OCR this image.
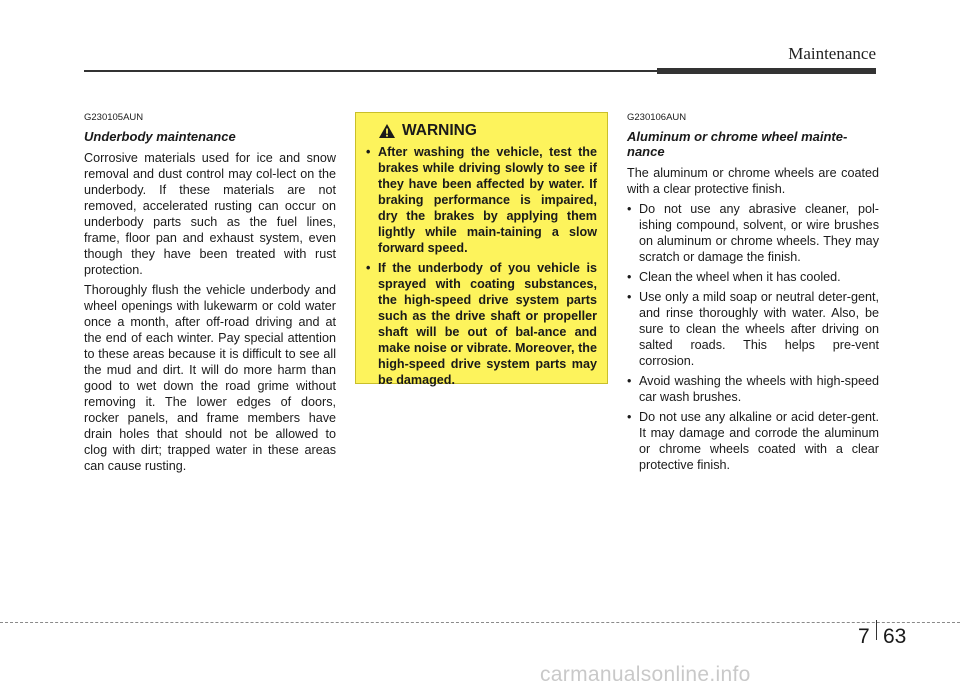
Maintenance

G230105AUN

Underbody maintenance

Corrosive materials used for ice and snow removal and dust control may col-lect on the underbody. If these materials are not removed, accelerated rusting can occur on underbody parts such as the fuel lines, frame, floor pan and exhaust system, even though they have been treated with rust protection.

Thoroughly flush the vehicle underbody and wheel openings with lukewarm or cold water once a month, after off-road driving and at the end of each winter. Pay special attention to these areas because it is difficult to see all the mud and dirt. It will do more harm than good to wet down the road grime without removing it. The lower edges of doors, rocker panels, and frame members have drain holes that should not be allowed to clog with dirt; trapped water in these areas can cause rusting.

WARNING
• After washing the vehicle, test the brakes while driving slowly to see if they have been affected by water. If braking performance is impaired, dry the brakes by applying them lightly while main-taining a slow forward speed.
• If the underbody of you vehicle is sprayed with coating substances, the high-speed drive system parts such as the drive shaft or propeller shaft will be out of bal-ance and make noise or vibrate. Moreover, the high-speed drive system parts may be damaged.

G230106AUN

Aluminum or chrome wheel mainte-nance

The aluminum or chrome wheels are coated with a clear protective finish.

• Do not use any abrasive cleaner, pol-ishing compound, solvent, or wire brushes on aluminum or chrome wheels. They may scratch or damage the finish.
• Clean the wheel when it has cooled.
• Use only a mild soap or neutral deter-gent, and rinse thoroughly with water. Also, be sure to clean the wheels after driving on salted roads. This helps pre-vent corrosion.
• Avoid washing the wheels with high-speed car wash brushes.
• Do not use any alkaline or acid deter-gent. It may damage and corrode the aluminum or chrome wheels coated with a clear protective finish.
7 63
carmanualsonline.info
